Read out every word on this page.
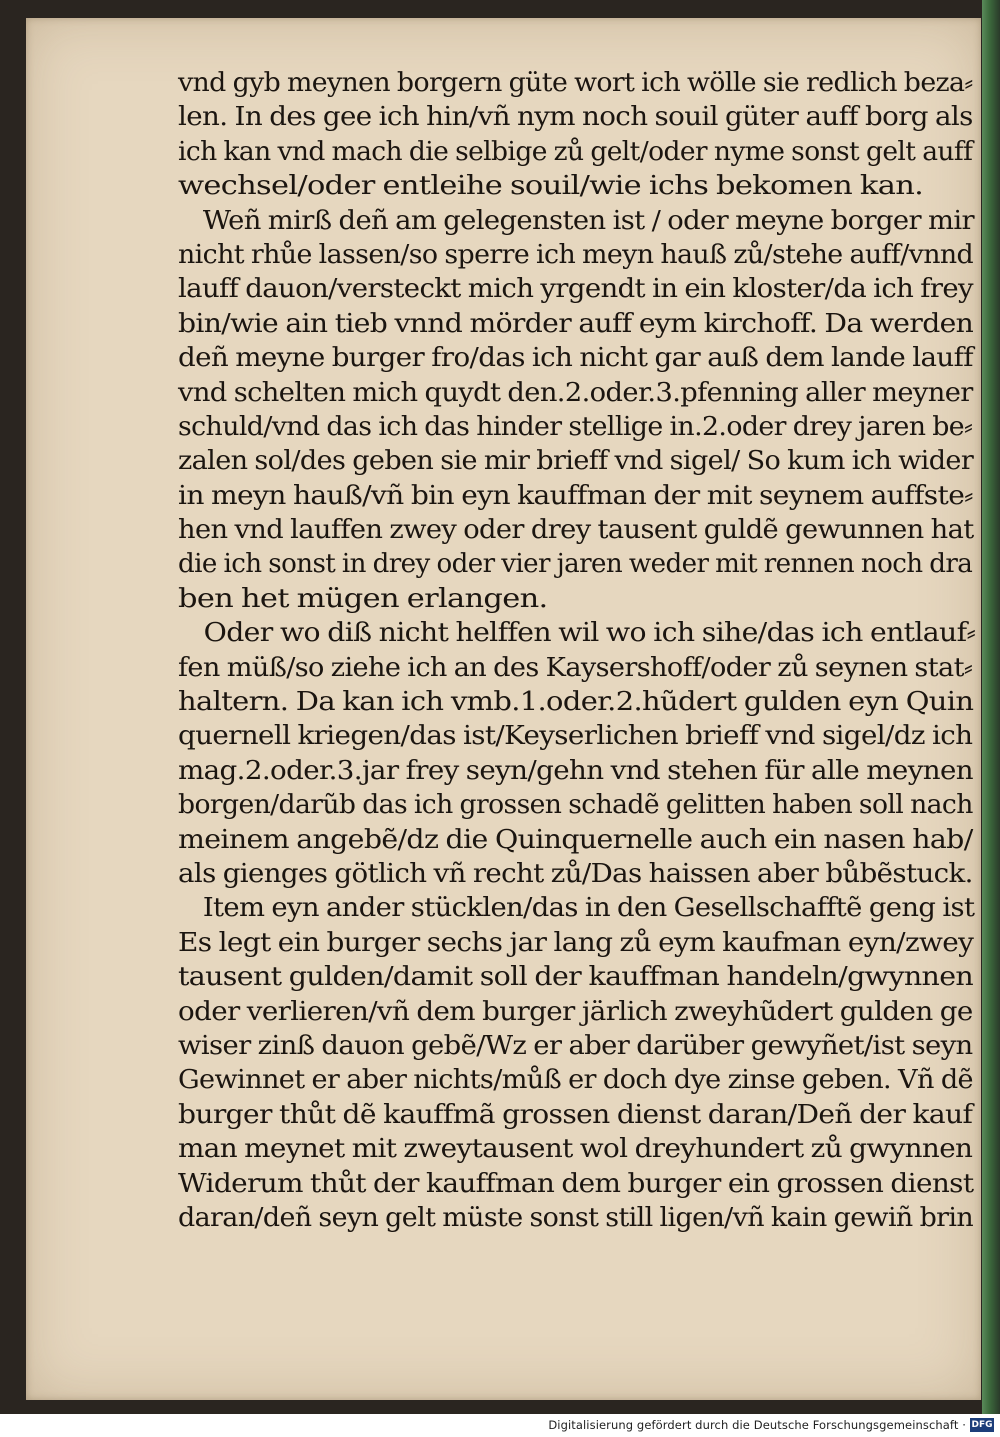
vnd gyb meynen borgern güte wort ich wölle sie redlich beza⸗
len. In des gee ich hin/vñ nym noch souil güter auff borg als
ich kan vnd mach die selbige zů gelt/oder nyme sonst gelt auff
wechsel/oder entleihe souil/wie ichs bekomen kan.
Weñ mirß deñ am gelegensten ist / oder meyne borger mir
nicht rhůe lassen/so sperre ich meyn hauß zů/stehe auff/vnnd
lauff dauon/versteckt mich yrgendt in ein kloster/da ich frey
bin/wie ain tieb vnnd mörder auff eym kirchoff. Da werden
deñ meyne burger fro/das ich nicht gar auß dem lande lauff
vnd schelten mich quydt den.2.oder.3.pfenning aller meyner
schuld/vnd das ich das hinder stellige in.2.oder drey jaren be⸗
zalen sol/des geben sie mir brieff vnd sigel/ So kum ich wider
in meyn hauß/vñ bin eyn kauffman der mit seynem auffste⸗
hen vnd lauffen zwey oder drey tausent guldẽ gewunnen hat
die ich sonst in drey oder vier jaren weder mit rennen noch dra
ben het mügen erlangen.
Oder wo diß nicht helffen wil wo ich sihe/das ich entlauf⸗
fen müß/so ziehe ich an des Kaysershoff/oder zů seynen stat⸗
haltern. Da kan ich vmb.1.oder.2.hũdert gulden eyn Quin
quernell kriegen/das ist/Keyserlichen brieff vnd sigel/dz ich
mag.2.oder.3.jar frey seyn/gehn vnd stehen für alle meynen
borgen/darũb das ich grossen schadẽ gelitten haben soll nach
meinem angebẽ/dz die Quinquernelle auch ein nasen hab/
als gienges götlich vñ recht zů/Das haissen aber bůbẽstuck.
Item eyn ander stücklen/das in den Gesellschafftẽ geng ist
Es legt ein burger sechs jar lang zů eym kaufman eyn/zwey
tausent gulden/damit soll der kauffman handeln/gwynnen
oder verlieren/vñ dem burger järlich zweyhũdert gulden ge
wiser zinß dauon gebẽ/Wz er aber darüber gewyñet/ist seyn
Gewinnet er aber nichts/můß er doch dye zinse geben. Vñ dẽ
burger thůt dẽ kauffmã grossen dienst daran/Deñ der kauf
man meynet mit zweytausent wol dreyhundert zů gwynnen
Widerum thůt der kauffman dem burger ein grossen dienst
daran/deñ seyn gelt müste sonst still ligen/vñ kain gewiñ brin
Digitalisierung gefördert durch die Deutsche Forschungsgemeinschaft · DFG
